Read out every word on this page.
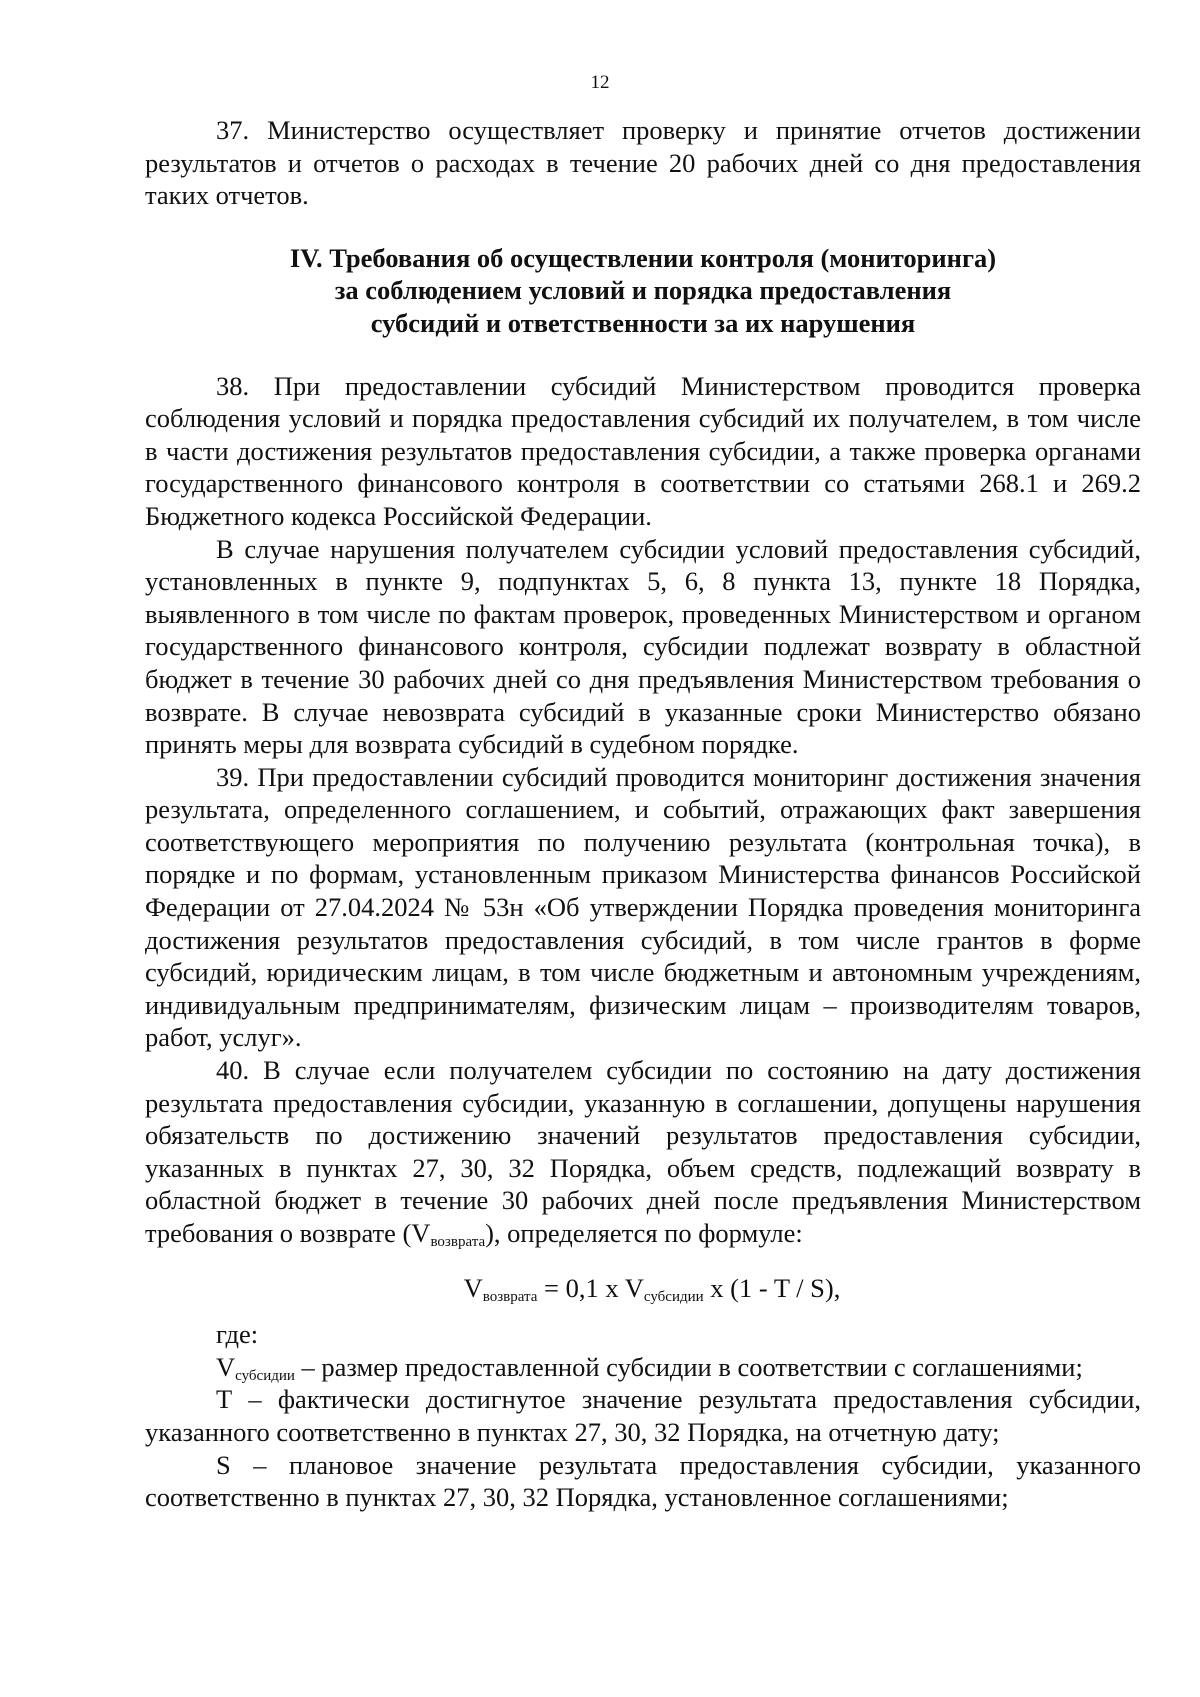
12

37. Министерство осуществляет проверку и принятие отчетов достижении результатов и отчетов о расходах в течение 20 рабочих дней со дня предоставления таких отчетов.

IV. Требования об осуществлении контроля (мониторинга)
за соблюдением условий и порядка предоставления
субсидий и ответственности за их нарушения

38. При предоставлении субсидий Министерством проводится проверка соблюдения условий и порядка предоставления субсидий их получателем, в том числе в части достижения результатов предоставления субсидии, а также проверка органами государственного финансового контроля в соответствии со статьями 268.1 и 269.2 Бюджетного кодекса Российской Федерации.

В случае нарушения получателем субсидии условий предоставления субсидий, установленных в пункте 9, подпунктах 5, 6, 8 пункта 13, пункте 18 Порядка, выявленного в том числе по фактам проверок, проведенных Министерством и органом государственного финансового контроля, субсидии подлежат возврату в областной бюджет в течение 30 рабочих дней со дня предъявления Министерством требования о возврате. В случае невозврата субсидий в указанные сроки Министерство обязано принять меры для возврата субсидий в судебном порядке.

39. При предоставлении субсидий проводится мониторинг достижения значения результата, определенного соглашением, и событий, отражающих факт завершения соответствующего мероприятия по получению результата (контрольная точка), в порядке и по формам, установленным приказом Министерства финансов Российской Федерации от 27.04.2024 № 53н «Об утверждении Порядка проведения мониторинга достижения результатов предоставления субсидий, в том числе грантов в форме субсидий, юридическим лицам, в том числе бюджетным и автономным учреждениям, индивидуальным предпринимателям, физическим лицам – производителям товаров, работ, услуг».

40. В случае если получателем субсидии по состоянию на дату достижения результата предоставления субсидии, указанную в соглашении, допущены нарушения обязательств по достижению значений результатов предоставления субсидии, указанных в пунктах 27, 30, 32 Порядка, объем средств, подлежащий возврату в областной бюджет в течение 30 рабочих дней после предъявления Министерством требования о возврате $(V_{возврата})$, определяется по формуле:

$V_{возврата} = 0,1$ x $V_{субсидии}$ x (1 - T / S),

где:

$V_{субсидии}$ – размер предоставленной субсидии в соответствии с соглашениями;

Т – фактически достигнутое значение результата предоставления субсидии, указанного соответственно в пунктах 27, 30, 32 Порядка, на отчетную дату;

S – плановое значение результата предоставления субсидии, указанного соответственно в пунктах 27, 30, 32 Порядка, установленное соглашениями;
